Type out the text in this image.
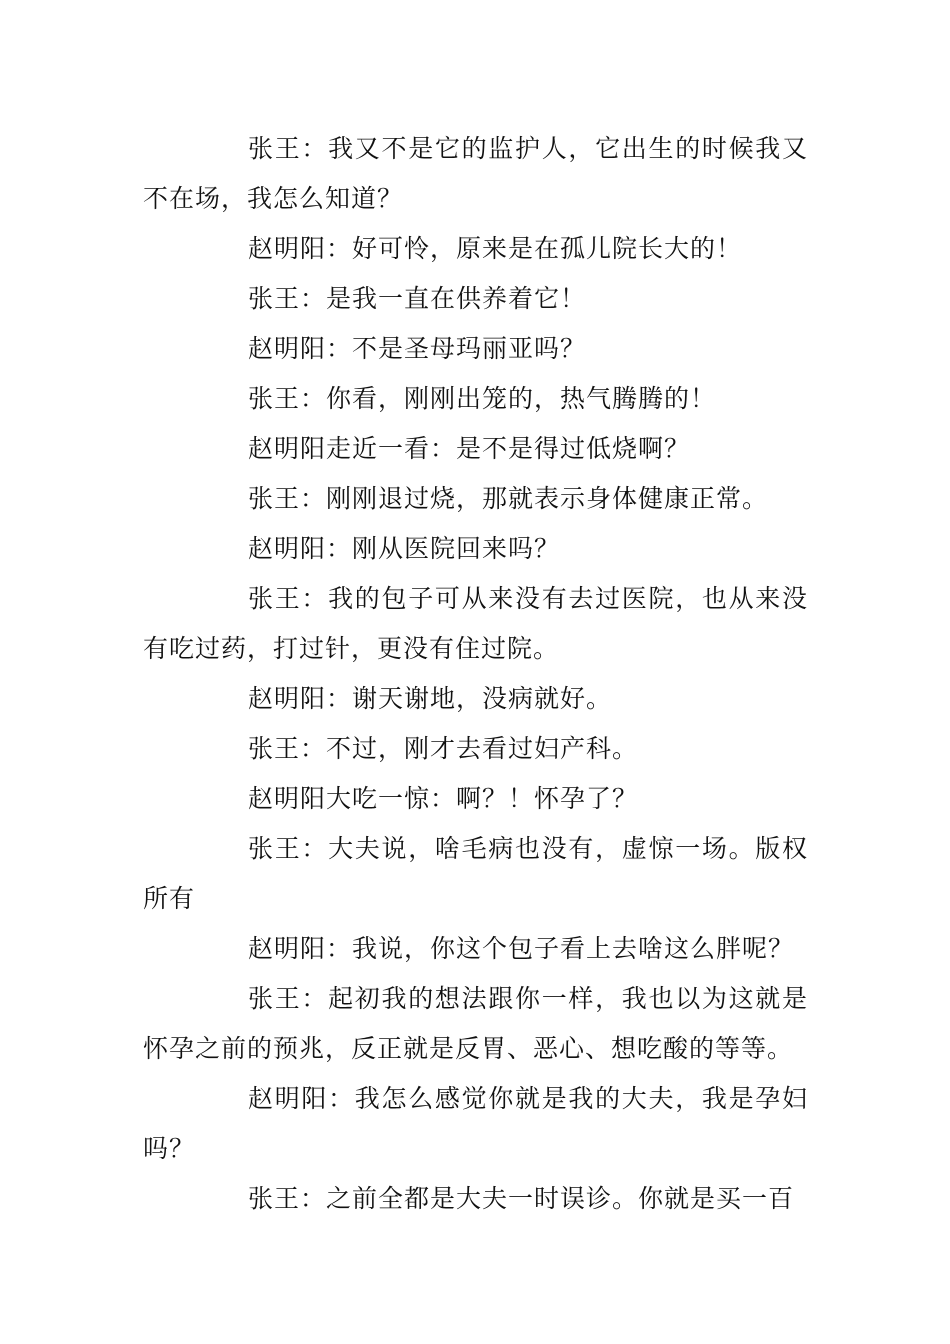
张王：我又不是它的监护人，它出生的时候我又不在场，我怎么知道？

赵明阳：好可怜，原来是在孤儿院长大的！

张王：是我一直在供养着它！

赵明阳：不是圣母玛丽亚吗？

张王：你看，刚刚出笼的，热气腾腾的！

赵明阳走近一看：是不是得过低烧啊？

张王：刚刚退过烧，那就表示身体健康正常。

赵明阳：刚从医院回来吗？

张王：我的包子可从来没有去过医院，也从来没有吃过药，打过针，更没有住过院。

赵明阳：谢天谢地，没病就好。

张王：不过，刚才去看过妇产科。

赵明阳大吃一惊：啊？！怀孕了？

张王：大夫说，啥毛病也没有，虚惊一场。版权所有

赵明阳：我说，你这个包子看上去啥这么胖呢？

张王：起初我的想法跟你一样，我也以为这就是怀孕之前的预兆，反正就是反胃、恶心、想吃酸的等等。

赵明阳：我怎么感觉你就是我的大夫，我是孕妇吗？

张王：之前全都是大夫一时误诊。你就是买一百
